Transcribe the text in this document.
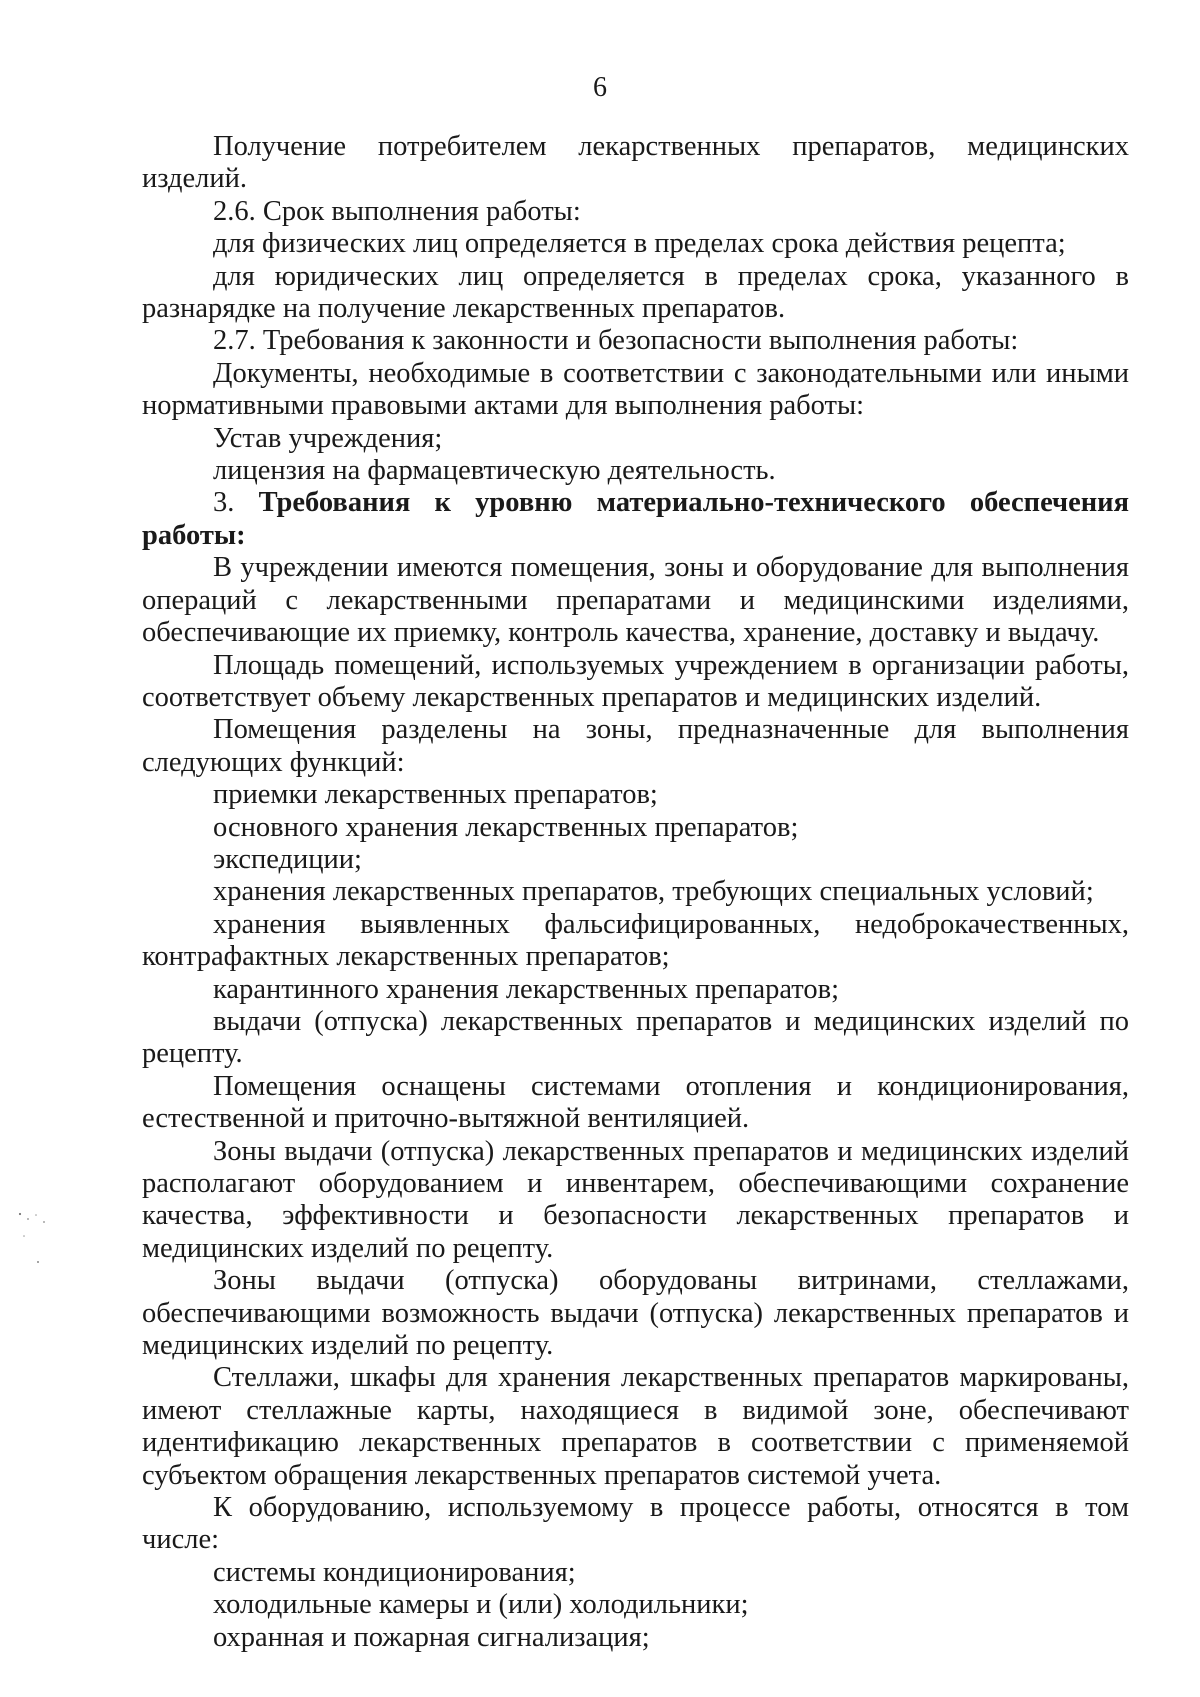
6

Получение потребителем лекарственных препаратов, медицинских изделий.

2.6. Срок выполнения работы:

для физических лиц определяется в пределах срока действия рецепта;

для юридических лиц определяется в пределах срока, указанного в разнарядке на получение лекарственных препаратов.

2.7. Требования к законности и безопасности выполнения работы:

Документы, необходимые в соответствии с законодательными или иными нормативными правовыми актами для выполнения работы:

Устав учреждения;

лицензия на фармацевтическую деятельность.

3. Требования к уровню материально-технического обеспечения работы:

В учреждении имеются помещения, зоны и оборудование для выполнения операций с лекарственными препаратами и медицинскими изделиями, обеспечивающие их приемку, контроль качества, хранение, доставку и выдачу.

Площадь помещений, используемых учреждением в организации работы, соответствует объему лекарственных препаратов и медицинских изделий.

Помещения разделены на зоны, предназначенные для выполнения следующих функций:

приемки лекарственных препаратов;

основного хранения лекарственных препаратов;

экспедиции;

хранения лекарственных препаратов, требующих специальных условий;

хранения выявленных фальсифицированных, недоброкачественных, контрафактных лекарственных препаратов;

карантинного хранения лекарственных препаратов;

выдачи (отпуска) лекарственных препаратов и медицинских изделий по рецепту.

Помещения оснащены системами отопления и кондиционирования, естественной и приточно-вытяжной вентиляцией.

Зоны выдачи (отпуска) лекарственных препаратов и медицинских изделий располагают оборудованием и инвентарем, обеспечивающими сохранение качества, эффективности и безопасности лекарственных препаратов и медицинских изделий по рецепту.

Зоны выдачи (отпуска) оборудованы витринами, стеллажами, обеспечивающими возможность выдачи (отпуска) лекарственных препаратов и медицинских изделий по рецепту.

Стеллажи, шкафы для хранения лекарственных препаратов маркированы, имеют стеллажные карты, находящиеся в видимой зоне, обеспечивают идентификацию лекарственных препаратов в соответствии с применяемой субъектом обращения лекарственных препаратов системой учета.

К оборудованию, используемому в процессе работы, относятся в том числе:

системы кондиционирования;

холодильные камеры и (или) холодильники;

охранная и пожарная сигнализация;
